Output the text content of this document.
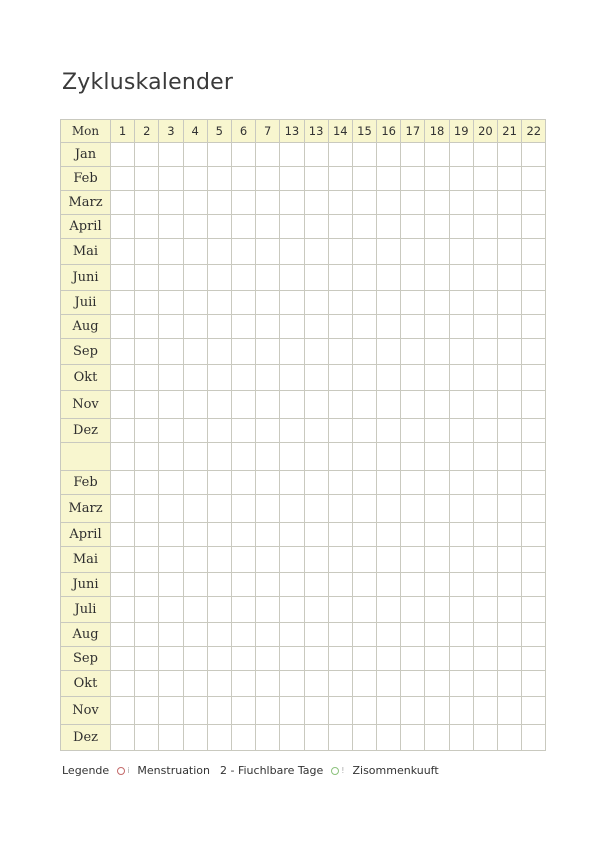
Zykluskalender
Mon	1	2	3	4	5	6	7	13	13	14	15	16	17	18	19	20	21	22
Jan																		
Feb																		
Marz																		
April																		
Mai																		
Juni																		
Juii																		
Aug																		
Sep																		
Okt																		
Nov																		
Dez																		

Feb																		
Marz																		
April																		
Mai																		
Juni																		
Juli																		
Aug																		
Sep																		
Okt																		
Nov																		
Dez																		
Legende i Menstruation 2 - Fiuchlbare Tage ! Zisommenkuuft
